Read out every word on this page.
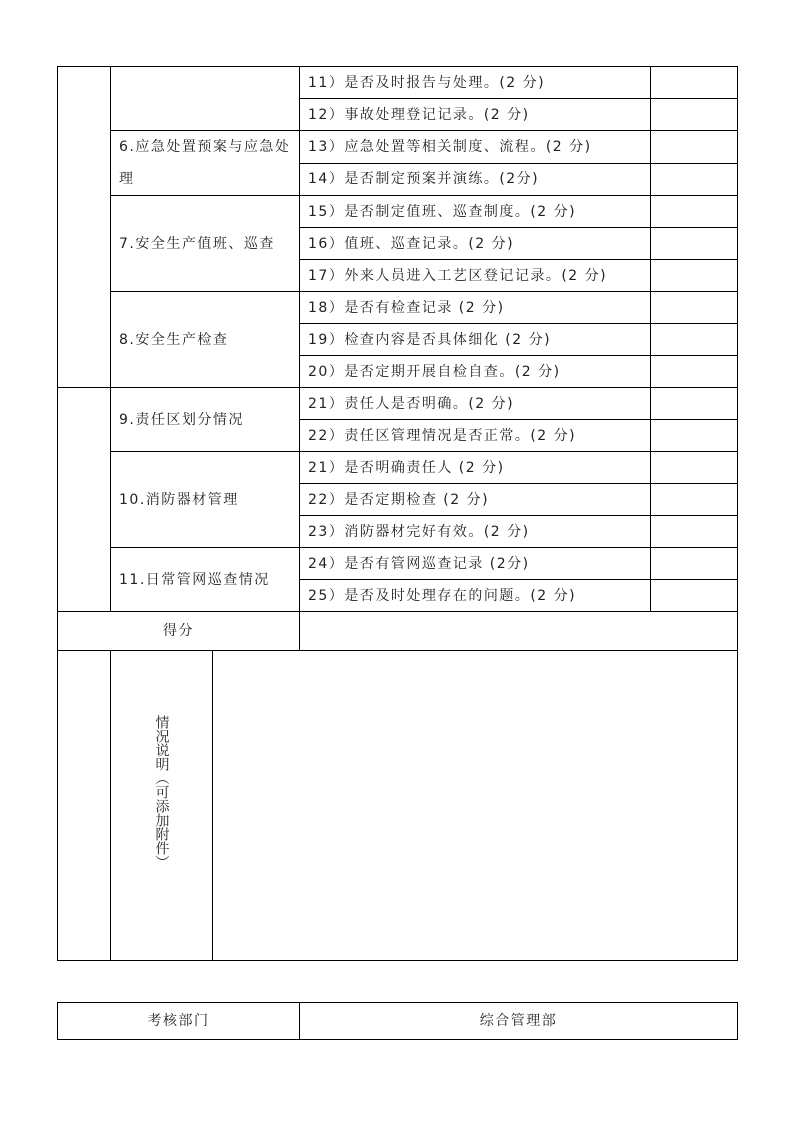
			11）是否及时报告与处理。(2 分)	
			12）事故处理登记记录。(2 分)	
	6.应急处置预案与应急处理		13）应急处置等相关制度、流程。(2 分)	
			14）是否制定预案并演练。(2分)	
	7.安全生产值班、巡查		15）是否制定值班、巡查制度。(2 分)	
			16）值班、巡查记录。(2 分)	
			17）外来人员进入工艺区登记记录。(2 分)	
	8.安全生产检查		18）是否有检查记录 (2 分)	
			19）检查内容是否具体细化 (2 分)	
			20）是否定期开展自检自查。(2 分)	
	9.责任区划分情况		21）责任人是否明确。(2 分)	
			22）责任区管理情况是否正常。(2 分)	
	10.消防器材管理		21）是否明确责任人 (2 分)	
			22）是否定期检查 (2 分)	
			23）消防器材完好有效。(2 分)	
	11.日常管网巡查情况		24）是否有管网巡查记录 (2分)	
			25）是否及时处理存在的问题。(2 分)	
得分				

	情况说明（可添加附件）			

考核部门	综合管理部
